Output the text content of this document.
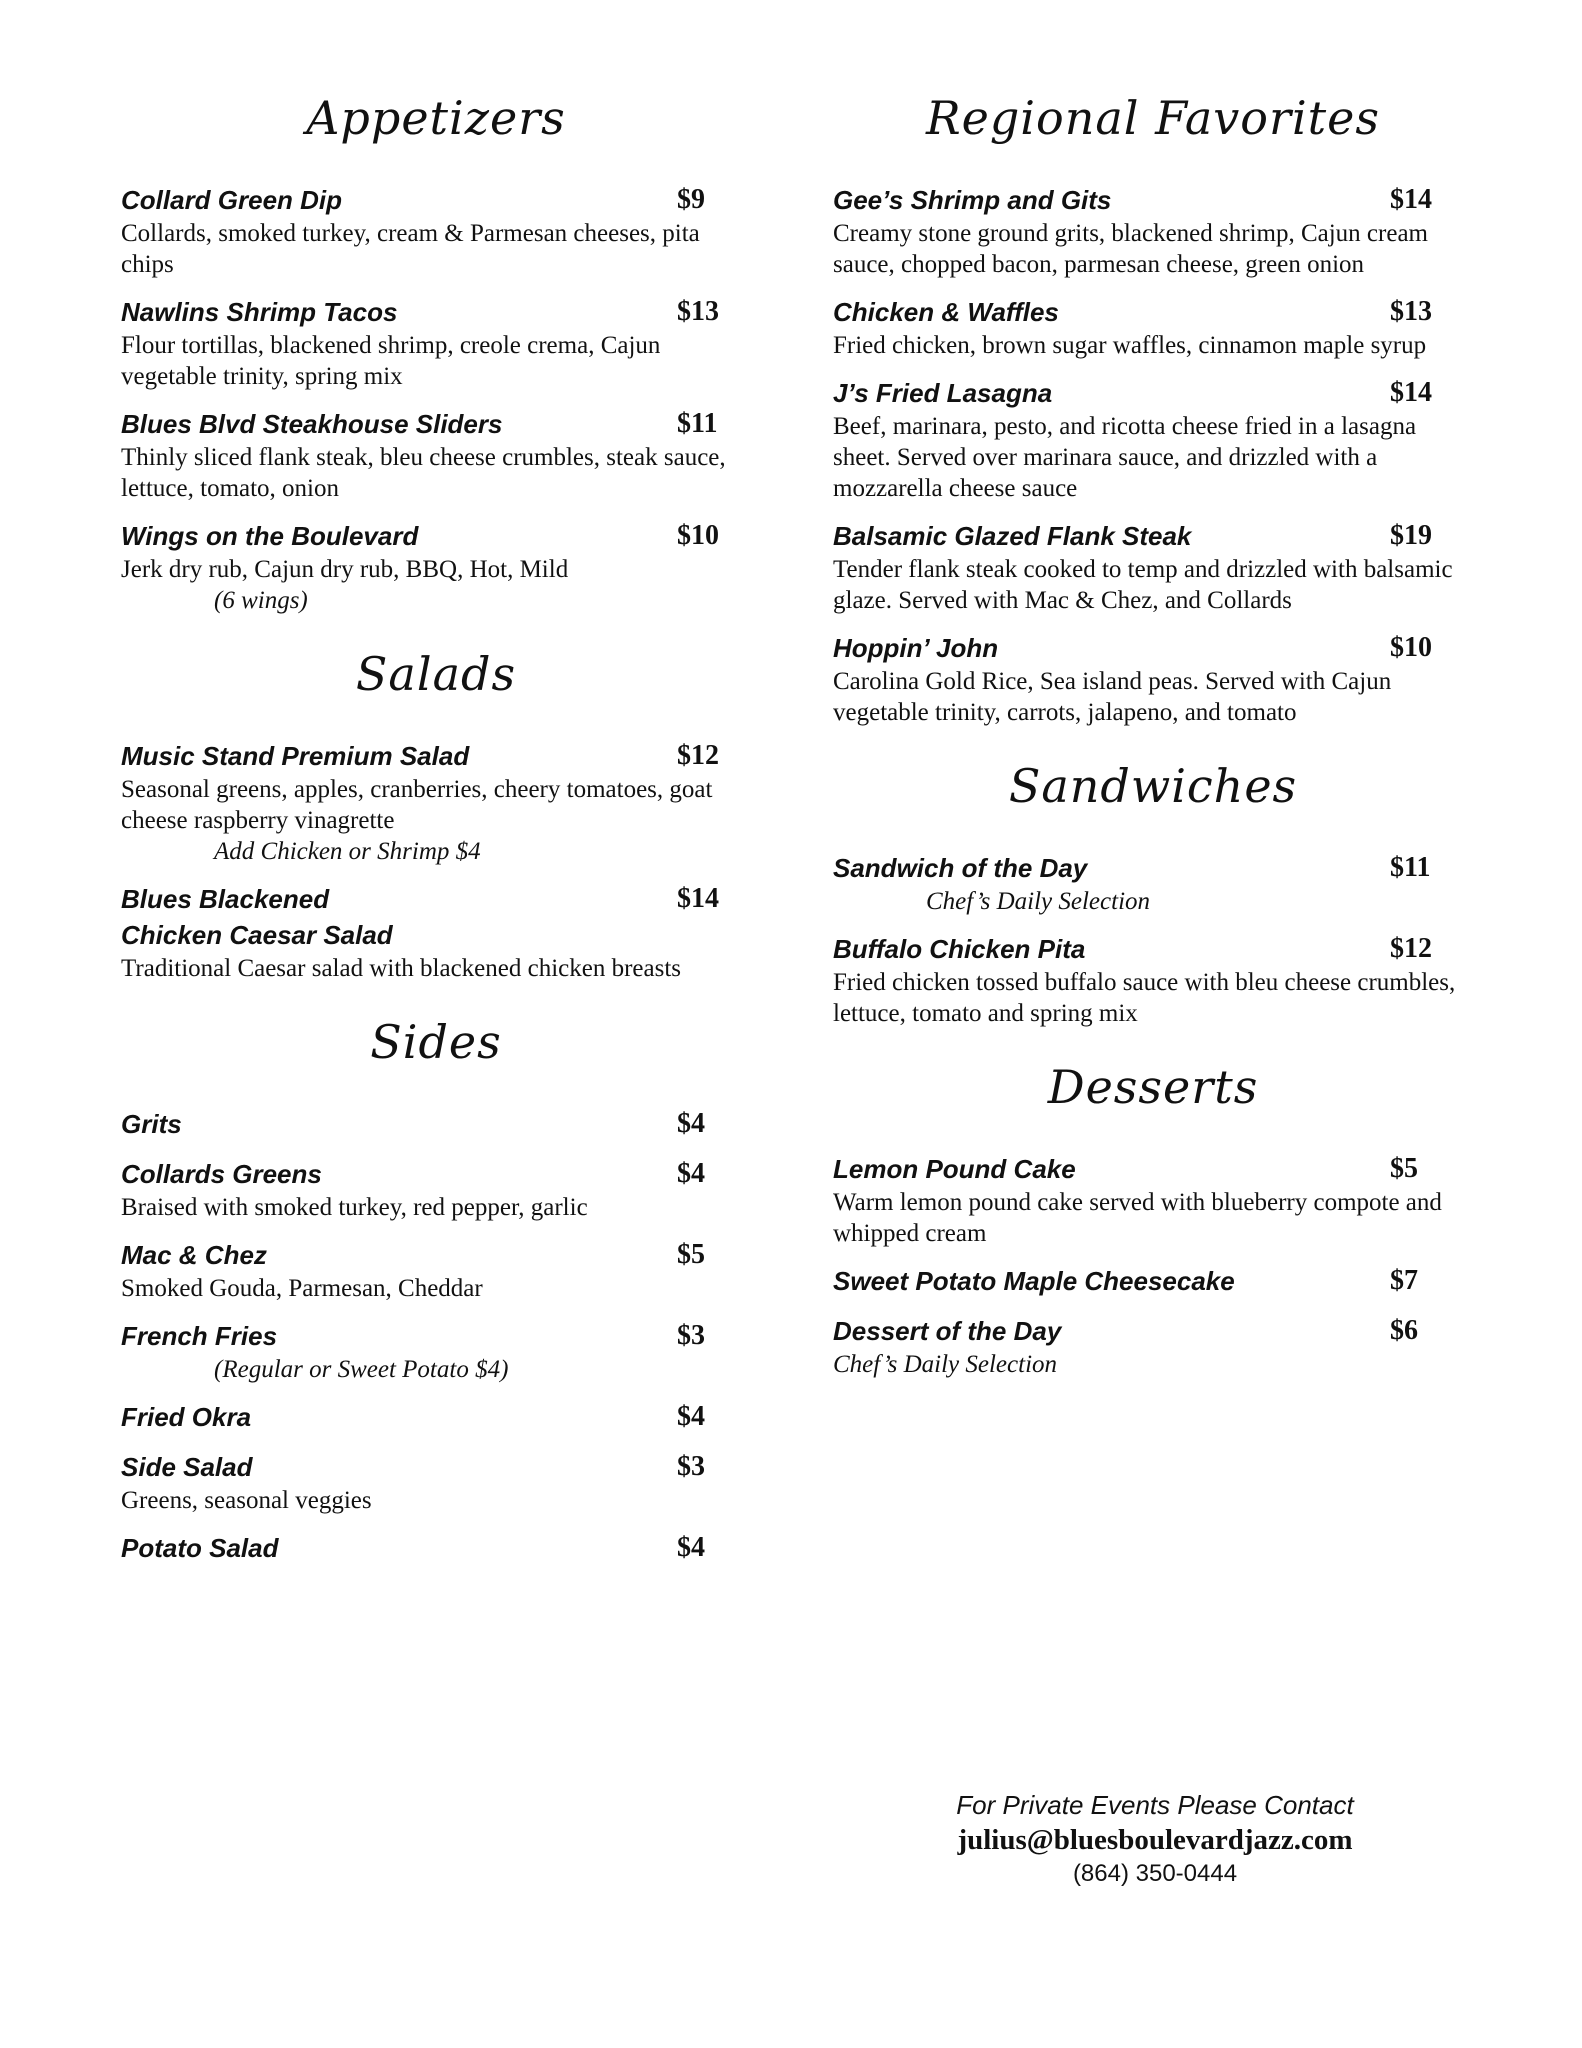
Appetizers
Collard Green Dip	$9

Collards, smoked turkey, cream & Parmesan cheeses, pita chips

Nawlins Shrimp Tacos	$13

Flour tortillas, blackened shrimp, creole crema, Cajun vegetable trinity, spring mix

Blues Blvd Steakhouse Sliders	$11

Thinly sliced flank steak, bleu cheese crumbles, steak sauce, lettuce, tomato, onion

Wings on the Boulevard	$10

Jerk dry rub, Cajun dry rub, BBQ, Hot, Mild

(6 wings)

Salads
Music Stand Premium Salad	$12

Seasonal greens, apples, cranberries, cheery tomatoes, goat cheese raspberry vinagrette

Add Chicken or Shrimp $4

Blues Blackened Chicken Caesar Salad
$14

Traditional Caesar salad with blackened chicken breasts

Sides
Grits	$4
Collards Greens	$4

Braised with smoked turkey, red pepper, garlic

Mac & Chez	$5

Smoked Gouda, Parmesan, Cheddar

French Fries	$3

(Regular or Sweet Potato $4)

Fried Okra	$4
Side Salad	$3

Greens, seasonal veggies

Potato Salad	$4
Regional Favorites
Gee’s Shrimp and Gits	$14

Creamy stone ground grits, blackened shrimp, Cajun cream sauce, chopped bacon, parmesan cheese, green onion

Chicken & Waffles	$13

Fried chicken, brown sugar waffles, cinnamon maple syrup

J’s Fried Lasagna	$14

Beef, marinara, pesto, and ricotta cheese fried in a lasagna sheet. Served over marinara sauce, and drizzled with a mozzarella cheese sauce

Balsamic Glazed Flank Steak	$19

Tender flank steak cooked to temp and drizzled with balsamic glaze. Served with Mac & Chez, and Collards

Hoppin’ John	$10

Carolina Gold Rice, Sea island peas. Served with Cajun vegetable trinity, carrots, jalapeno, and tomato

Sandwiches
Sandwich of the Day	$11

Chef’s Daily Selection

Buffalo Chicken Pita	$12

Fried chicken tossed buffalo sauce with bleu cheese crumbles, lettuce, tomato and spring mix

Desserts
Lemon Pound Cake	$5

Warm lemon pound cake served with blueberry compote and whipped cream

Sweet Potato Maple Cheesecake	$7
Dessert of the Day	$6

Chef’s Daily Selection

For Private Events Please Contact
julius@bluesboulevardjazz.com
(864) 350-0444
